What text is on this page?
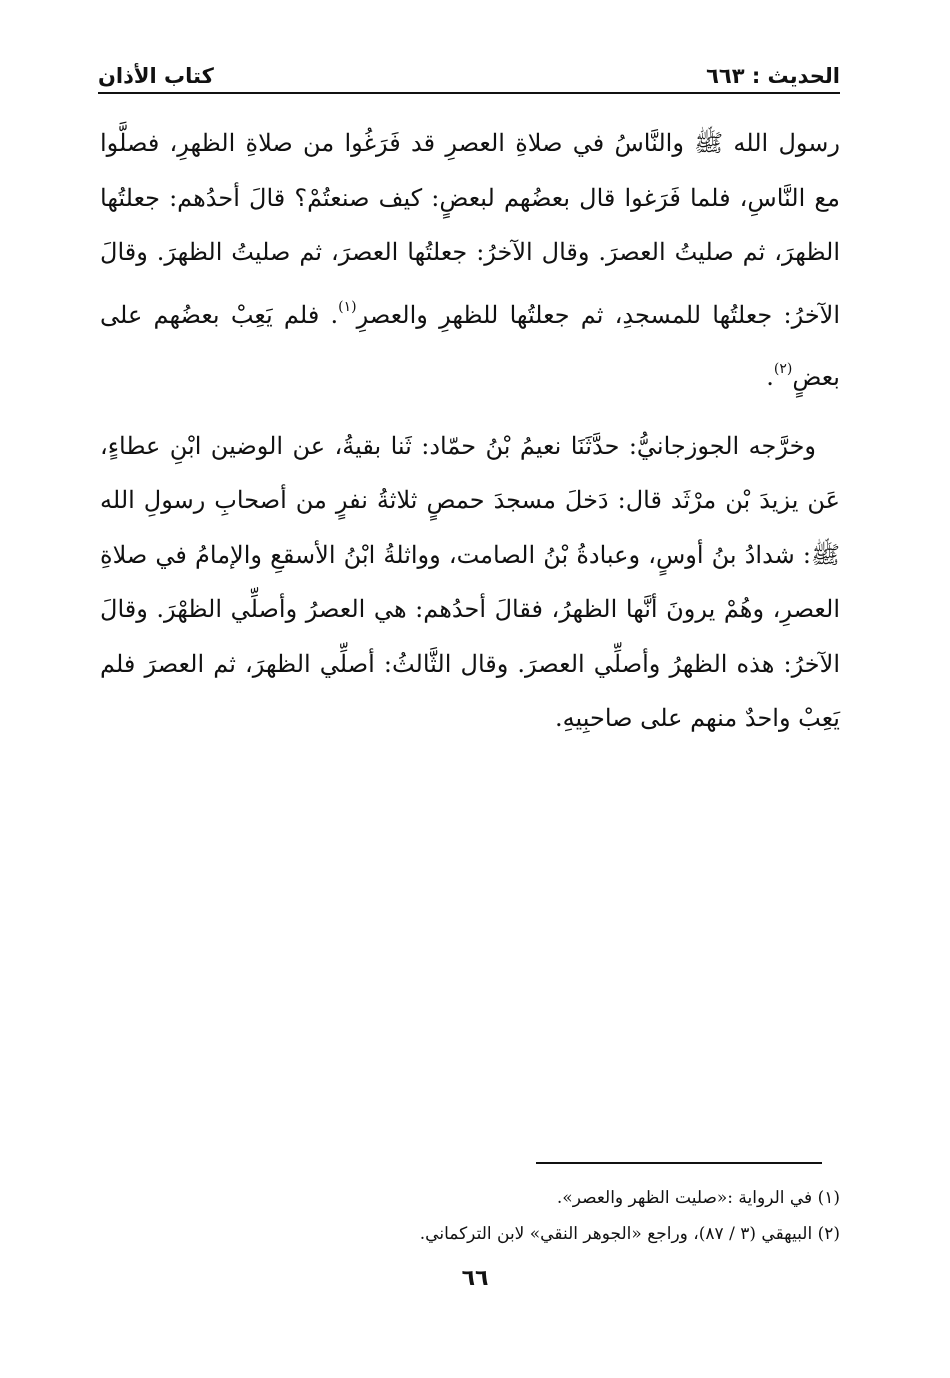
الحديث : ٦٦٣
كتاب الأذان

رسول الله ﷺ والنَّاسُ في صلاةِ العصرِ قد فَرَغُوا من صلاةِ الظهرِ، فصلَّوا مع النَّاسِ، فلما فَرَغوا قال بعضُهم لبعضٍ: كيف صنعتُمْ؟ قالَ أحدُهم: جعلتُها الظهرَ، ثم صليتُ العصرَ. وقال الآخرُ: جعلتُها العصرَ، ثم صليتُ الظهرَ. وقالَ الآخرُ: جعلتُها للمسجدِ، ثم جعلتُها للظهرِ والعصرِ$^{(١)}$. فلم يَعِبْ بعضُهم على بعضٍ$^{(٢)}$.

وخرَّجه الجوزجانيُّ: حدَّثَنَا نعيمُ بْنُ حمّاد: ثَنا بقيةُ، عن الوضين ابْنِ عطاءٍ، عَن يزيدَ بْن مرْثَد قال: دَخلَ مسجدَ حمصٍ ثلاثةُ نفرٍ من أصحابِ رسولِ الله ﷺ: شدادُ بنُ أوسٍ، وعبادةُ بْنُ الصامت، وواثلةُ ابْنُ الأسقعِ والإمامُ في صلاةِ العصرِ، وهُمْ يرونَ أنَّها الظهرُ، فقالَ أحدُهم: هي العصرُ وأصلِّي الظهْرَ. وقالَ الآخرُ: هذه الظهرُ وأصلِّي العصرَ. وقال الثَّالثُ: أصلِّي الظهرَ، ثم العصرَ فلم يَعِبْ واحدٌ منهم على صاحبِيهِ.

(١) في الرواية :«صليت الظهر والعصر».
(٢) البيهقي (٣ / ٨٧)، وراجع «الجوهر النقي» لابن التركماني.
٦٦
